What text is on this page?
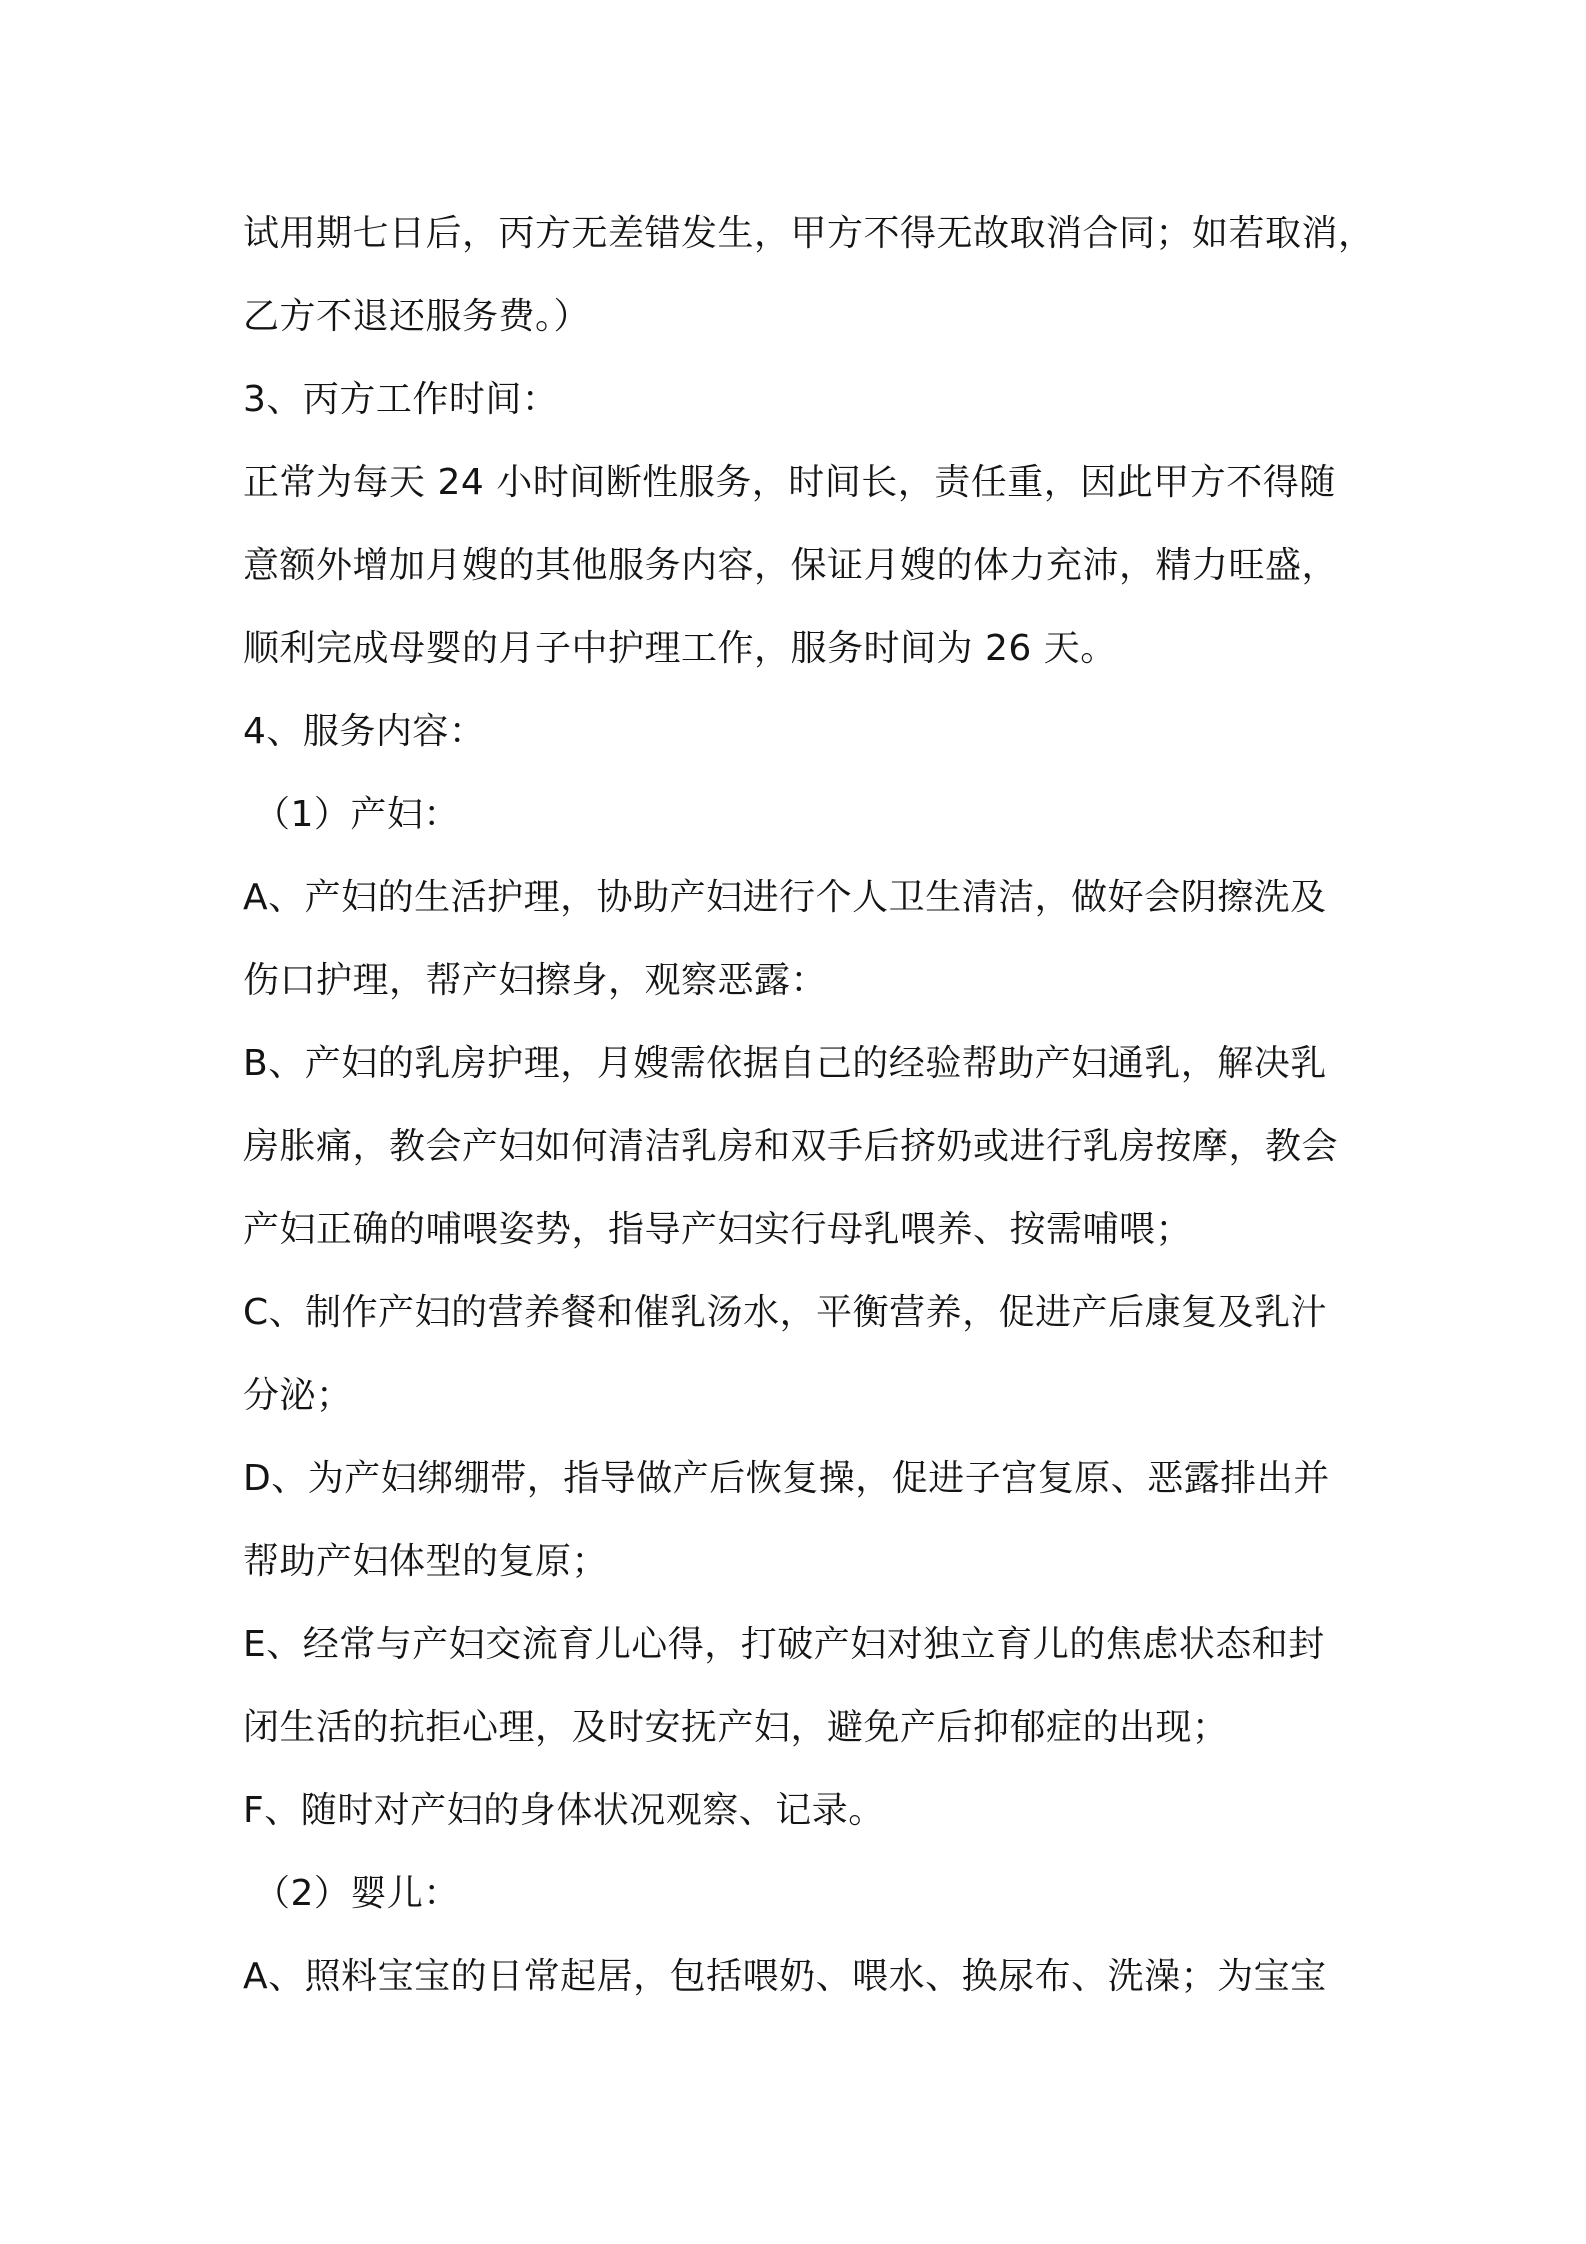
试用期七日后，丙方无差错发生，甲方不得无故取消合同；如若取消，
乙方不退还服务费。）
3、丙方工作时间：
正常为每天 24 小时间断性服务，时间长，责任重，因此甲方不得随
意额外增加月嫂的其他服务内容，保证月嫂的体力充沛，精力旺盛，
顺利完成母婴的月子中护理工作，服务时间为 26 天。
4、服务内容：
（1）产妇：
A、产妇的生活护理，协助产妇进行个人卫生清洁，做好会阴擦洗及
伤口护理，帮产妇擦身，观察恶露：
B、产妇的乳房护理，月嫂需依据自己的经验帮助产妇通乳，解决乳
房胀痛，教会产妇如何清洁乳房和双手后挤奶或进行乳房按摩，教会
产妇正确的哺喂姿势，指导产妇实行母乳喂养、按需哺喂；
C、制作产妇的营养餐和催乳汤水，平衡营养，促进产后康复及乳汁
分泌；
D、为产妇绑绷带，指导做产后恢复操，促进子宫复原、恶露排出并
帮助产妇体型的复原；
E、经常与产妇交流育儿心得，打破产妇对独立育儿的焦虑状态和封
闭生活的抗拒心理，及时安抚产妇，避免产后抑郁症的出现；
F、随时对产妇的身体状况观察、记录。
（2）婴儿：
A、照料宝宝的日常起居，包括喂奶、喂水、换尿布、洗澡；为宝宝
